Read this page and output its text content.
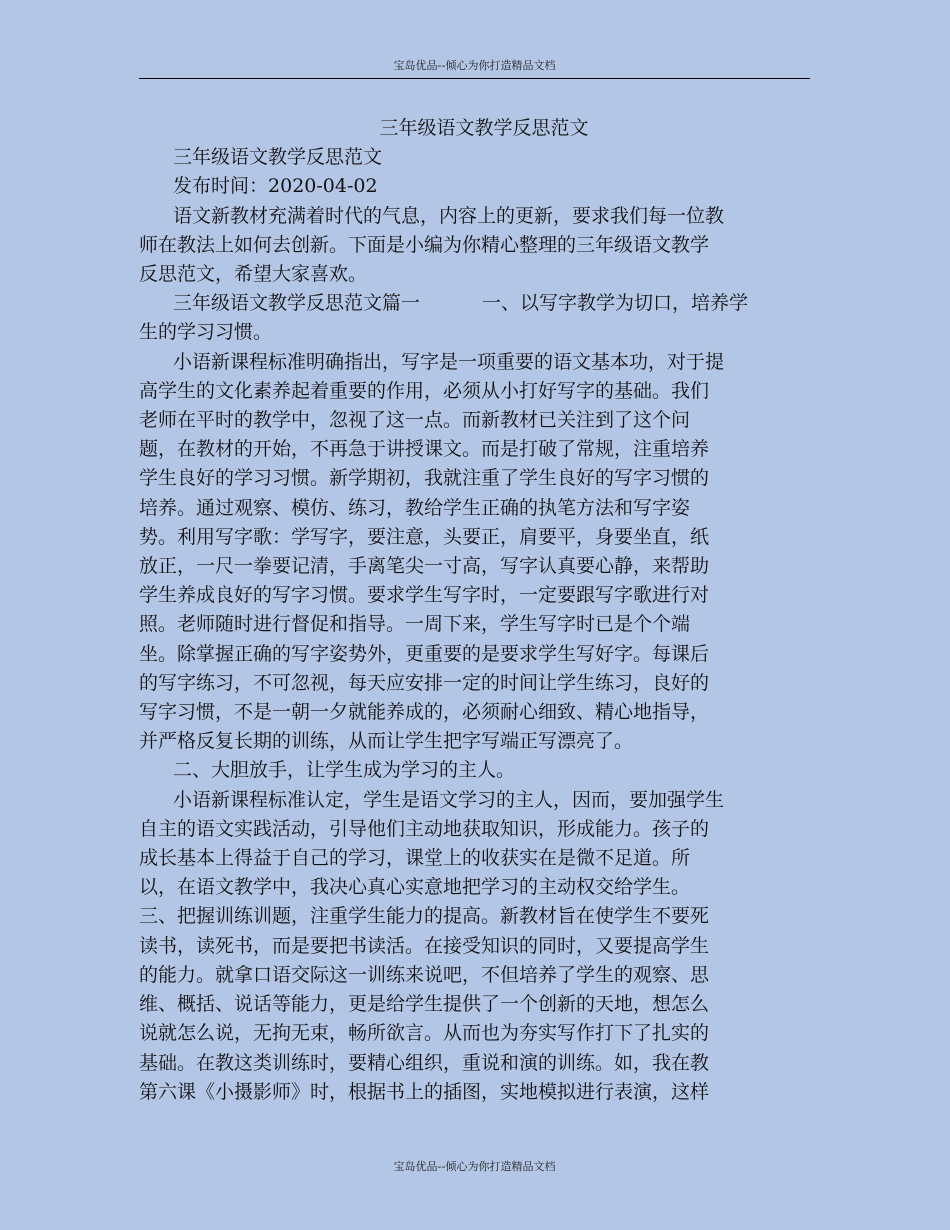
宝岛优品--倾心为你打造精品文档

三年级语文教学反思范文

三年级语文教学反思范文

发布时间：2020-04-02

语文新教材充满着时代的气息，内容上的更新，要求我们每一位教

师在教法上如何去创新。下面是小编为你精心整理的三年级语文教学

反思范文，希望大家喜欢。

三年级语文教学反思范文篇一	一、以写字教学为切口，培养学

生的学习习惯。

小语新课程标准明确指出，写字是一项重要的语文基本功，对于提

高学生的文化素养起着重要的作用，必须从小打好写字的基础。我们

老师在平时的教学中，忽视了这一点。而新教材已关注到了这个问

题，在教材的开始，不再急于讲授课文。而是打破了常规，注重培养

学生良好的学习习惯。新学期初，我就注重了学生良好的写字习惯的

培养。通过观察、模仿、练习，教给学生正确的执笔方法和写字姿

势。利用写字歌：学写字，要注意，头要正，肩要平，身要坐直，纸

放正，一尺一拳要记清，手离笔尖一寸高，写字认真要心静，来帮助

学生养成良好的写字习惯。要求学生写字时，一定要跟写字歌进行对

照。老师随时进行督促和指导。一周下来，学生写字时已是个个端

坐。除掌握正确的写字姿势外，更重要的是要求学生写好字。每课后

的写字练习，不可忽视，每天应安排一定的时间让学生练习，良好的

写字习惯，不是一朝一夕就能养成的，必须耐心细致、精心地指导，

并严格反复长期的训练，从而让学生把字写端正写漂亮了。

二、大胆放手，让学生成为学习的主人。

小语新课程标准认定，学生是语文学习的主人，因而，要加强学生

自主的语文实践活动，引导他们主动地获取知识，形成能力。孩子的

成长基本上得益于自己的学习，课堂上的收获实在是微不足道。所

以，在语文教学中，我决心真心实意地把学习的主动权交给学生。

三、把握训练训题，注重学生能力的提高。新教材旨在使学生不要死

读书，读死书，而是要把书读活。在接受知识的同时，又要提高学生

的能力。就拿口语交际这一训练来说吧，不但培养了学生的观察、思

维、概括、说话等能力，更是给学生提供了一个创新的天地，想怎么

说就怎么说，无拘无束，畅所欲言。从而也为夯实写作打下了扎实的

基础。在教这类训练时，要精心组织，重说和演的训练。如，我在教

第六课《小摄影师》时，根据书上的插图，实地模拟进行表演，这样

宝岛优品--倾心为你打造精品文档
